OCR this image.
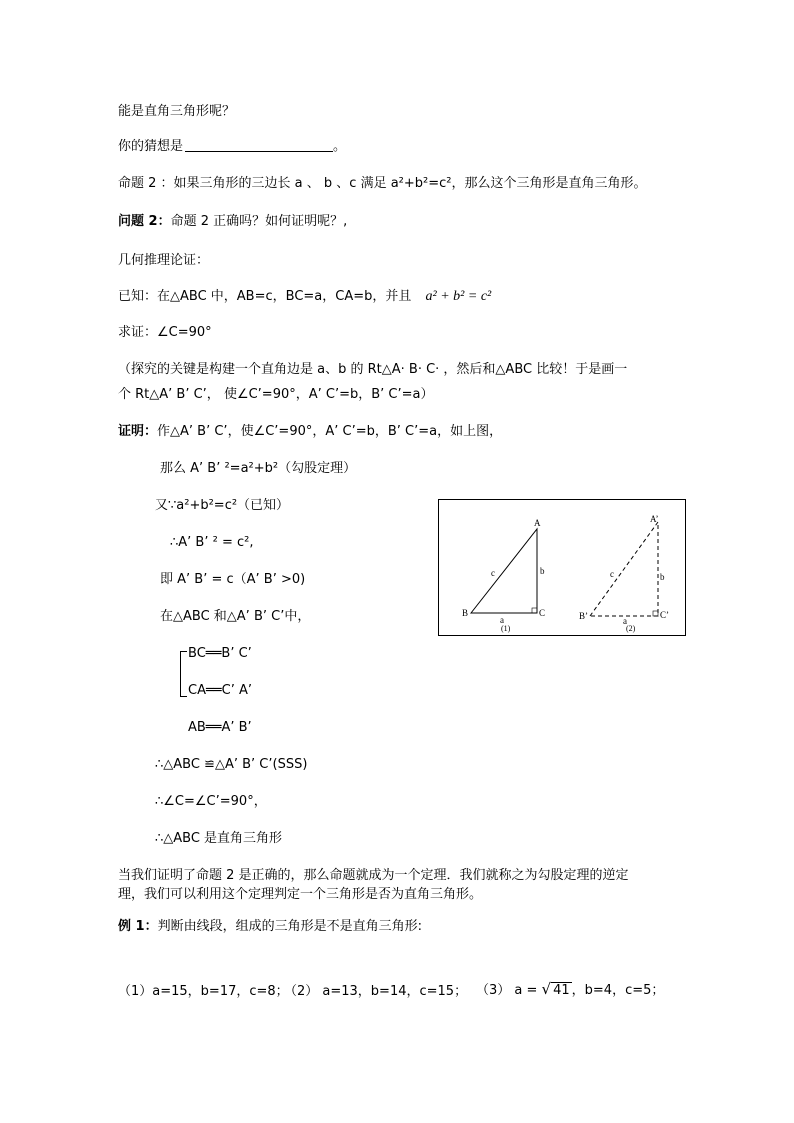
能是直角三角形呢？
你的猜想是	。
命题 2 ：如果三角形的三边长 a 、 b 、c 满足 a²+b²=c²，那么这个三角形是直角三角形。
问题 2：命题 2 正确吗？如何证明呢？,
几何推理论证：
已知：在△ABC 中，AB=c，BC=a，CA=b，并且 a² + b² = c²
求证：∠C=90°
（探究的关键是构建一个直角边是 a、b 的 Rt△A· B· C· ，然后和△ABC 比较！于是画一
个 Rt△A’ B’ C’， 使∠C’=90°，A’ C’=b，B’ C’=a）
证明：作△A’ B’ C’，使∠C’=90°，A’ C’=b，B’ C’=a，如上图，
那么 A’ B’ ²=a²+b²（勾股定理）
又∵a²+b²=c²（已知）
∴A’ B’ ² = c²,
即 A’ B’ = c（A’ B’ >0)
在△ABC 和△A’ B’ C’中，
BC══B’ C’
CA══C’ A’
AB══A’ B’
∴△ABC ≌△A’ B’ C’(SSS)
∴∠C=∠C’=90°，
∴△ABC 是直角三角形
当我们证明了命题 2 是正确的，那么命题就成为一个定理．我们就称之为勾股定理的逆定
理，我们可以利用这个定理判定一个三角形是否为直角三角形。
例 1：判断由线段，组成的三角形是不是直角三角形:
（1）a=15，b=17，c=8；
（2） a=13，b=14，c=15； （3） a = √ 41 ，b=4，c=5；
A
B	C
a
b
c
(1)
A’
B’	C’
a
b
c
(2)
